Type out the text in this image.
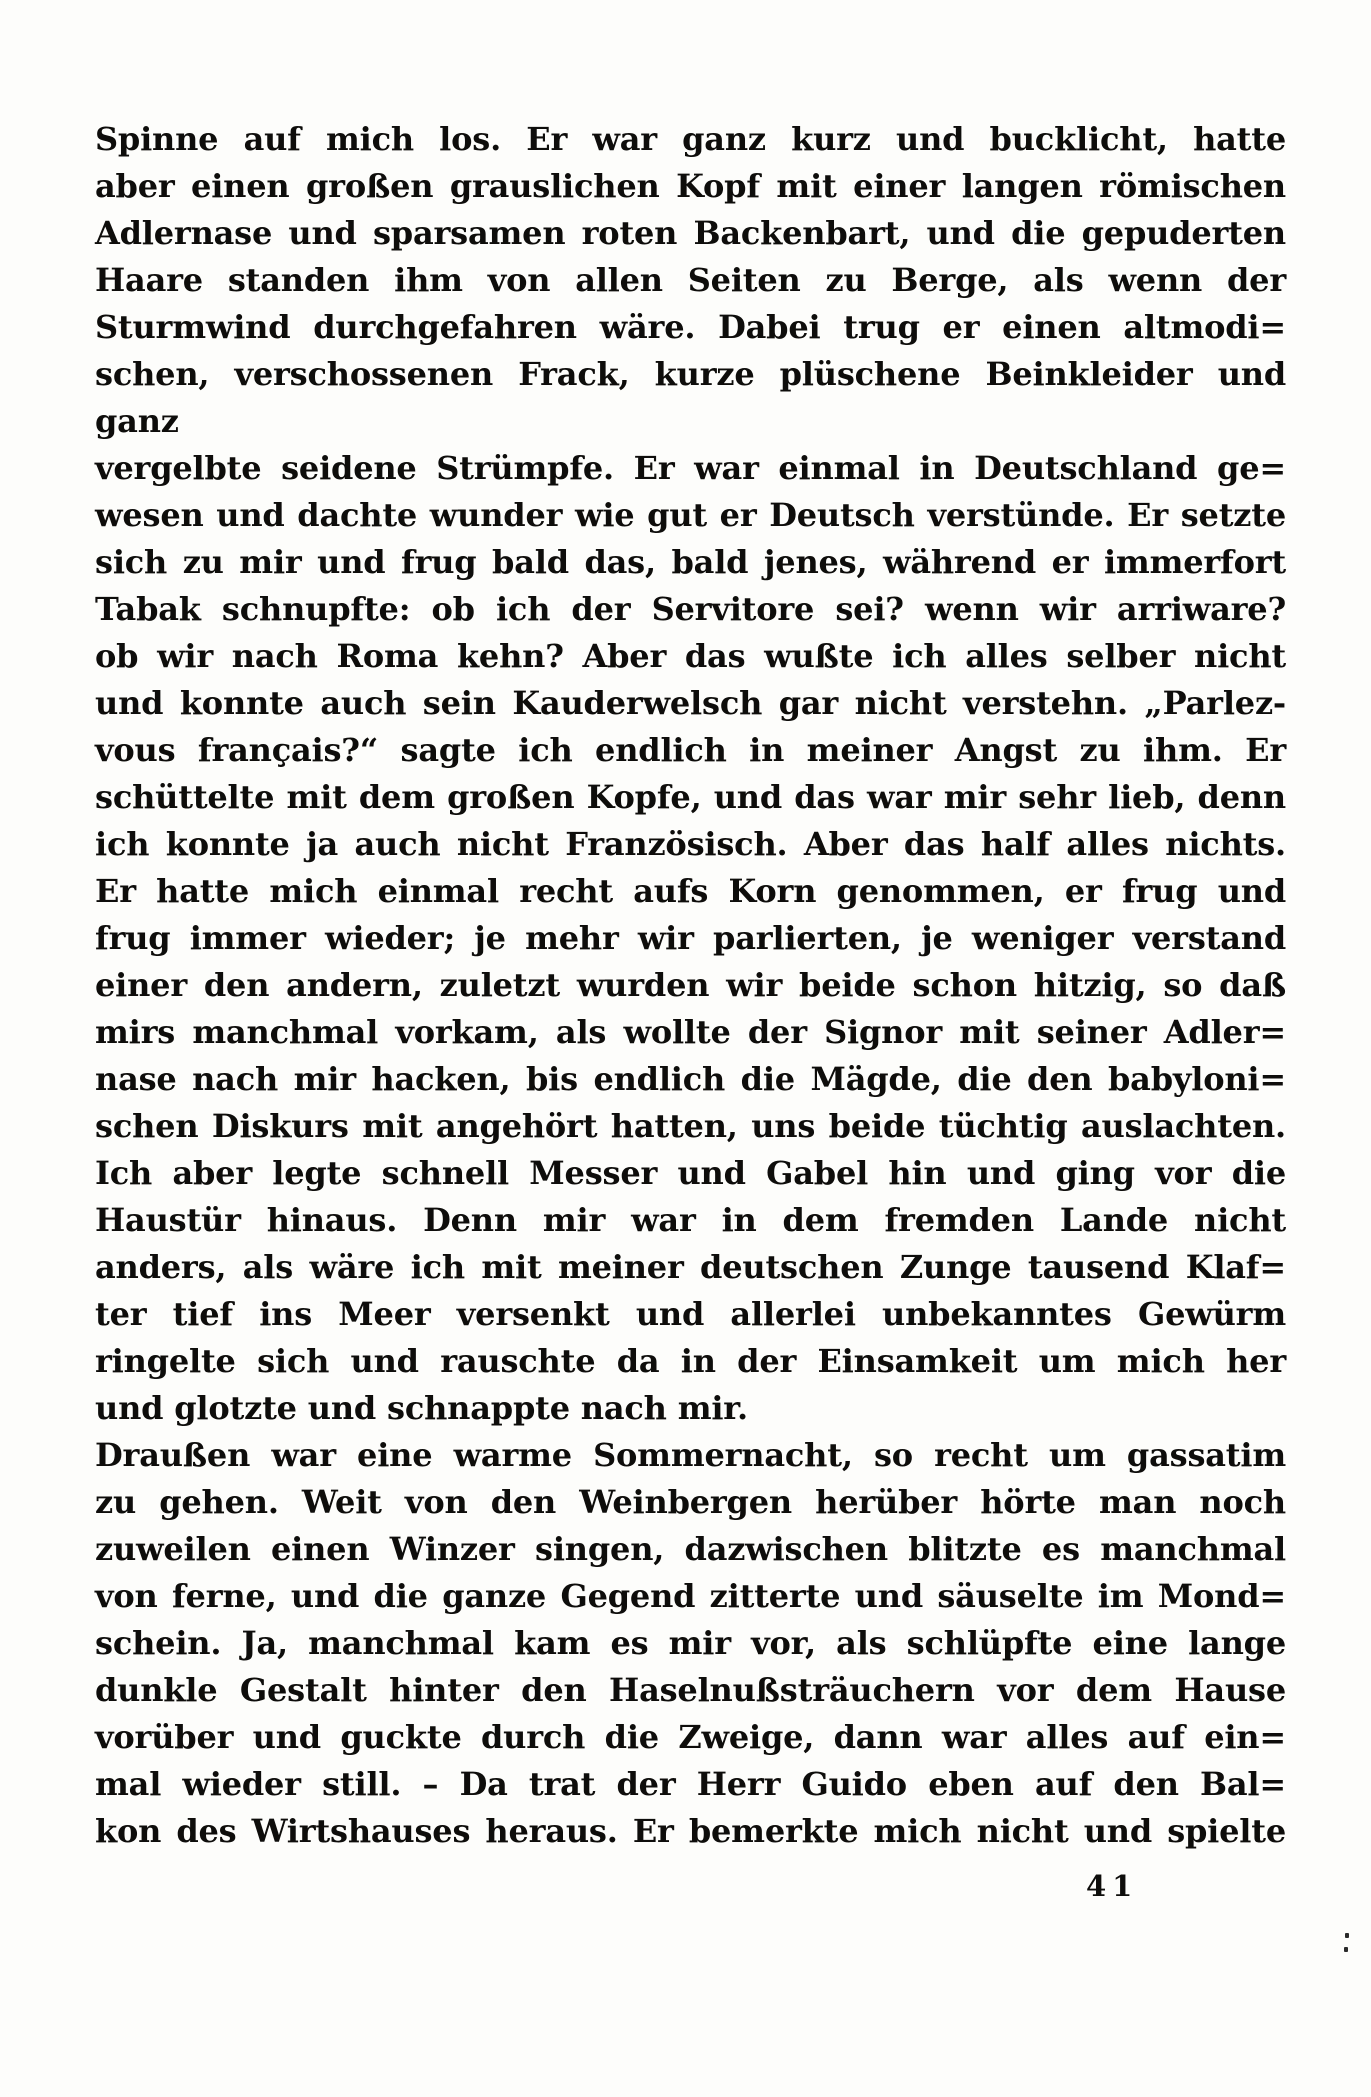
Spinne auf mich los. Er war ganz kurz und bucklicht, hatte
aber einen großen grauslichen Kopf mit einer langen römischen
Adlernase und sparsamen roten Backenbart, und die gepuderten
Haare standen ihm von allen Seiten zu Berge, als wenn der
Sturmwind durchgefahren wäre. Dabei trug er einen altmodi=
schen, verschossenen Frack, kurze plüschene Beinkleider und ganz
vergelbte seidene Strümpfe. Er war einmal in Deutschland ge=
wesen und dachte wunder wie gut er Deutsch verstünde. Er setzte
sich zu mir und frug bald das, bald jenes, während er immerfort
Tabak schnupfte: ob ich der Servitore sei? wenn wir arriware?
ob wir nach Roma kehn? Aber das wußte ich alles selber nicht
und konnte auch sein Kauderwelsch gar nicht verstehn. „Parlez-
vous français?“ sagte ich endlich in meiner Angst zu ihm. Er
schüttelte mit dem großen Kopfe, und das war mir sehr lieb, denn
ich konnte ja auch nicht Französisch. Aber das half alles nichts.
Er hatte mich einmal recht aufs Korn genommen, er frug und
frug immer wieder; je mehr wir parlierten, je weniger verstand
einer den andern, zuletzt wurden wir beide schon hitzig, so daß
mirs manchmal vorkam, als wollte der Signor mit seiner Adler=
nase nach mir hacken, bis endlich die Mägde, die den babyloni=
schen Diskurs mit angehört hatten, uns beide tüchtig auslachten.
Ich aber legte schnell Messer und Gabel hin und ging vor die
Haustür hinaus. Denn mir war in dem fremden Lande nicht
anders, als wäre ich mit meiner deutschen Zunge tausend Klaf=
ter tief ins Meer versenkt und allerlei unbekanntes Gewürm
ringelte sich und rauschte da in der Einsamkeit um mich her
und glotzte und schnappte nach mir.
Draußen war eine warme Sommernacht, so recht um gassatim
zu gehen. Weit von den Weinbergen herüber hörte man noch
zuweilen einen Winzer singen, dazwischen blitzte es manchmal
von ferne, und die ganze Gegend zitterte und säuselte im Mond=
schein. Ja, manchmal kam es mir vor, als schlüpfte eine lange
dunkle Gestalt hinter den Haselnußsträuchern vor dem Hause
vorüber und guckte durch die Zweige, dann war alles auf ein=
mal wieder still. – Da trat der Herr Guido eben auf den Bal=
kon des Wirtshauses heraus. Er bemerkte mich nicht und spielte
41
